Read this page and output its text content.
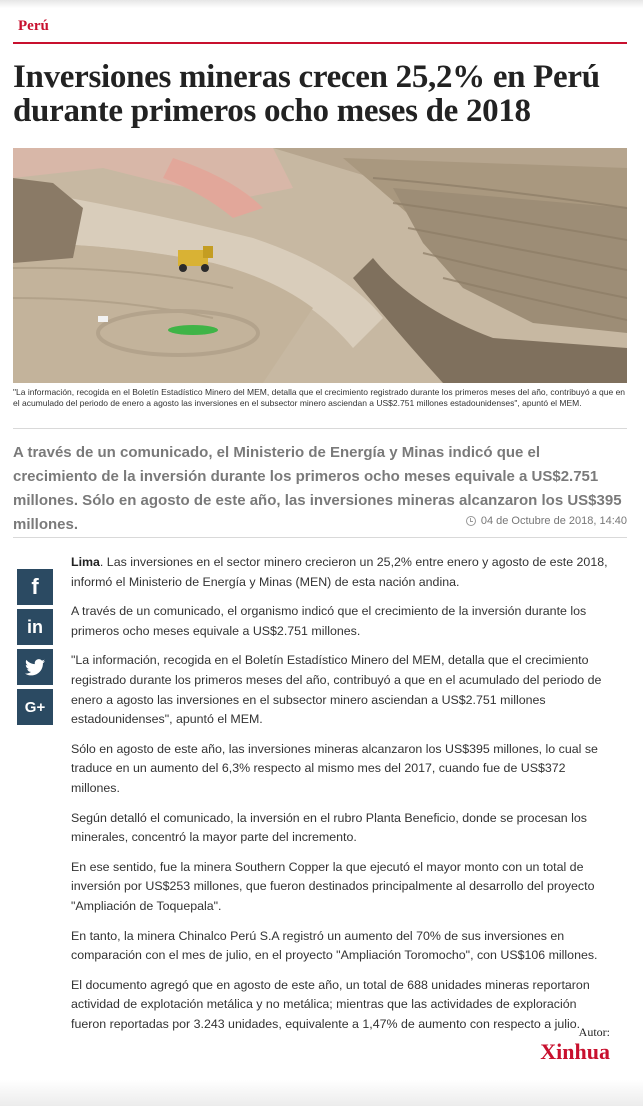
Perú
Inversiones mineras crecen 25,2% en Perú durante primeros ocho meses de 2018

"La información, recogida en el Boletín Estadístico Minero del MEM, detalla que el crecimiento registrado durante los primeros meses del año, contribuyó a que en el acumulado del periodo de enero a agosto las inversiones en el subsector minero asciendan a US$2.751 millones estadounidenses", apuntó el MEM.

A través de un comunicado, el Ministerio de Energía y Minas indicó que el crecimiento de la inversión durante los primeros ocho meses equivale a US$2.751 millones. Sólo en agosto de este año, las inversiones mineras alcanzaron los US$395 millones.	04 de Octubre de 2018, 14:40
f
in
G+

Lima. Las inversiones en el sector minero crecieron un 25,2% entre enero y agosto de este 2018, informó el Ministerio de Energía y Minas (MEN) de esta nación andina.

A través de un comunicado, el organismo indicó que el crecimiento de la inversión durante los primeros ocho meses equivale a US$2.751 millones.

"La información, recogida en el Boletín Estadístico Minero del MEM, detalla que el crecimiento registrado durante los primeros meses del año, contribuyó a que en el acumulado del periodo de enero a agosto las inversiones en el subsector minero asciendan a US$2.751 millones estadounidenses", apuntó el MEM.

Sólo en agosto de este año, las inversiones mineras alcanzaron los US$395 millones, lo cual se traduce en un aumento del 6,3% respecto al mismo mes del 2017, cuando fue de US$372 millones.

Según detalló el comunicado, la inversión en el rubro Planta Beneficio, donde se procesan los minerales, concentró la mayor parte del incremento.

En ese sentido, fue la minera Southern Copper la que ejecutó el mayor monto con un total de inversión por US$253 millones, que fueron destinados principalmente al desarrollo del proyecto "Ampliación de Toquepala".

En tanto, la minera Chinalco Perú S.A registró un aumento del 70% de sus inversiones en comparación con el mes de julio, en el proyecto "Ampliación Toromocho", con US$106 millones.

El documento agregó que en agosto de este año, un total de 688 unidades mineras reportaron actividad de explotación metálica y no metálica; mientras que las actividades de exploración fueron reportadas por 3.243 unidades, equivalente a 1,47% de aumento con respecto a julio.

Autor:
Xinhua
